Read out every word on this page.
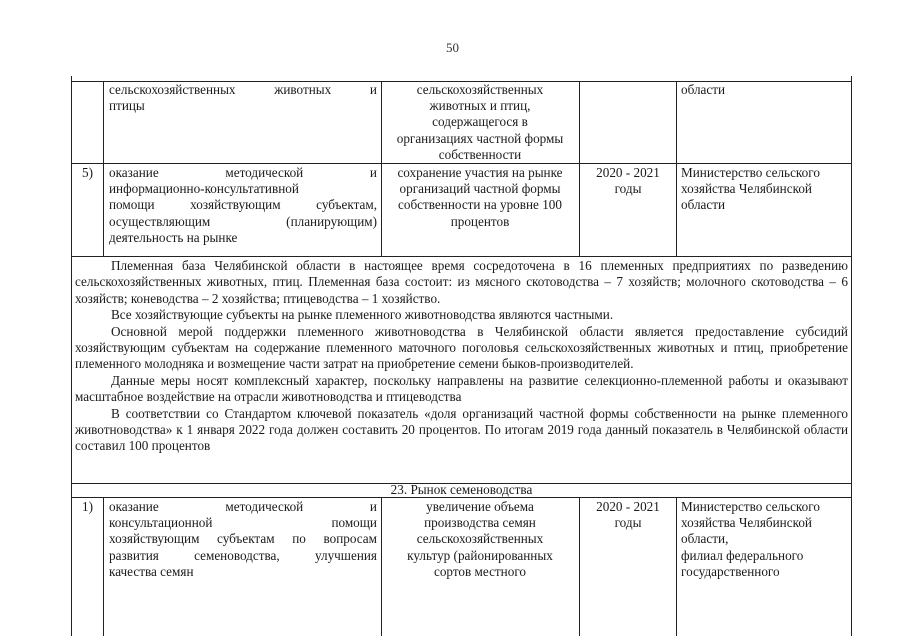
50
сельскохозяйственных животных и
птицы
сельскохозяйственных
животных и птиц,
содержащегося в
организациях частной формы
собственности
области
5)	оказание методической и
информационно-консультативной
помощи хозяйствующим субъектам,
осуществляющим (планирующим)
деятельность на рынке
сохранение участия на рынке
организаций частной формы
собственности на уровне 100
процентов
2020 - 2021
годы
Министерство сельского
хозяйства Челябинской
области
Племенная база Челябинской области в настоящее время сосредоточена в 16 племенных предприятиях по разведению сельскохозяйственных животных, птиц. Племенная база состоит: из мясного скотоводства – 7 хозяйств; молочного скотоводства – 6 хозяйств; коневодства – 2 хозяйства; птицеводства – 1 хозяйство.
Все хозяйствующие субъекты на рынке племенного животноводства являются частными.
Основной мерой поддержки племенного животноводства в Челябинской области является предоставление субсидий хозяйствующим субъектам на содержание племенного маточного поголовья сельскохозяйственных животных и птиц, приобретение племенного молодняка и возмещение части затрат на приобретение семени быков-производителей.
Данные меры носят комплексный характер, поскольку направлены на развитие селекционно-племенной работы и оказывают масштабное воздействие на отрасли животноводства и птицеводства
В соответствии со Стандартом ключевой показатель «доля организаций частной формы собственности на рынке племенного животноводства» к 1 января 2022 года должен составить 20 процентов. По итогам 2019 года данный показатель в Челябинской области составил 100 процентов
23. Рынок семеноводства
1)	оказание методической и
консультационной помощи
хозяйствующим субъектам по вопросам
развития семеноводства, улучшения
качества семян
увеличение объема
производства семян
сельскохозяйственных
культур (районированных
сортов местного
2020 - 2021
годы
Министерство сельского
хозяйства Челябинской
области,
филиал федерального
государственного
